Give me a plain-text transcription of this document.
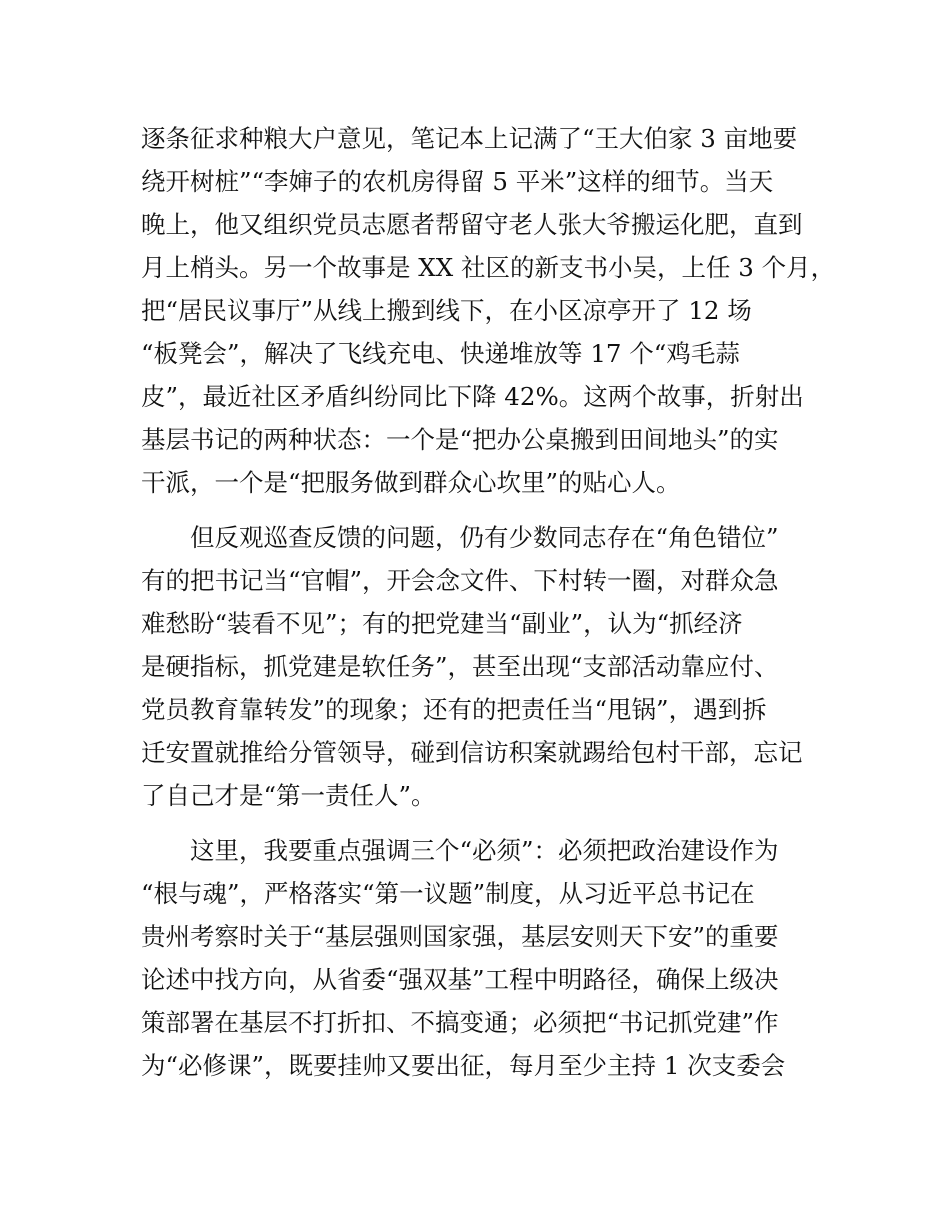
逐条征求种粮大户意见，笔记本上记满了“王大伯家 3 亩地要

绕开树桩”“李婶子的农机房得留 5 平米”这样的细节。当天

晚上，他又组织党员志愿者帮留守老人张大爷搬运化肥，直到

月上梢头。另一个故事是 XX 社区的新支书小吴，上任 3 个月，

把“居民议事厅”从线上搬到线下，在小区凉亭开了 12 场

“板凳会”，解决了飞线充电、快递堆放等 17 个“鸡毛蒜

皮”，最近社区矛盾纠纷同比下降 42%。这两个故事，折射出

基层书记的两种状态：一个是“把办公桌搬到田间地头”的实

干派，一个是“把服务做到群众心坎里”的贴心人。

但反观巡查反馈的问题，仍有少数同志存在“角色错位”

有的把书记当“官帽”，开会念文件、下村转一圈，对群众急

难愁盼“装看不见”；有的把党建当“副业”，认为“抓经济

是硬指标，抓党建是软任务”，甚至出现“支部活动靠应付、

党员教育靠转发”的现象；还有的把责任当“甩锅”，遇到拆

迁安置就推给分管领导，碰到信访积案就踢给包村干部，忘记

了自己才是“第一责任人”。

这里，我要重点强调三个“必须”：必须把政治建设作为

“根与魂”，严格落实“第一议题”制度，从习近平总书记在

贵州考察时关于“基层强则国家强，基层安则天下安”的重要

论述中找方向，从省委“强双基”工程中明路径，确保上级决

策部署在基层不打折扣、不搞变通；必须把“书记抓党建”作

为“必修课”，既要挂帅又要出征，每月至少主持 1 次支委会
